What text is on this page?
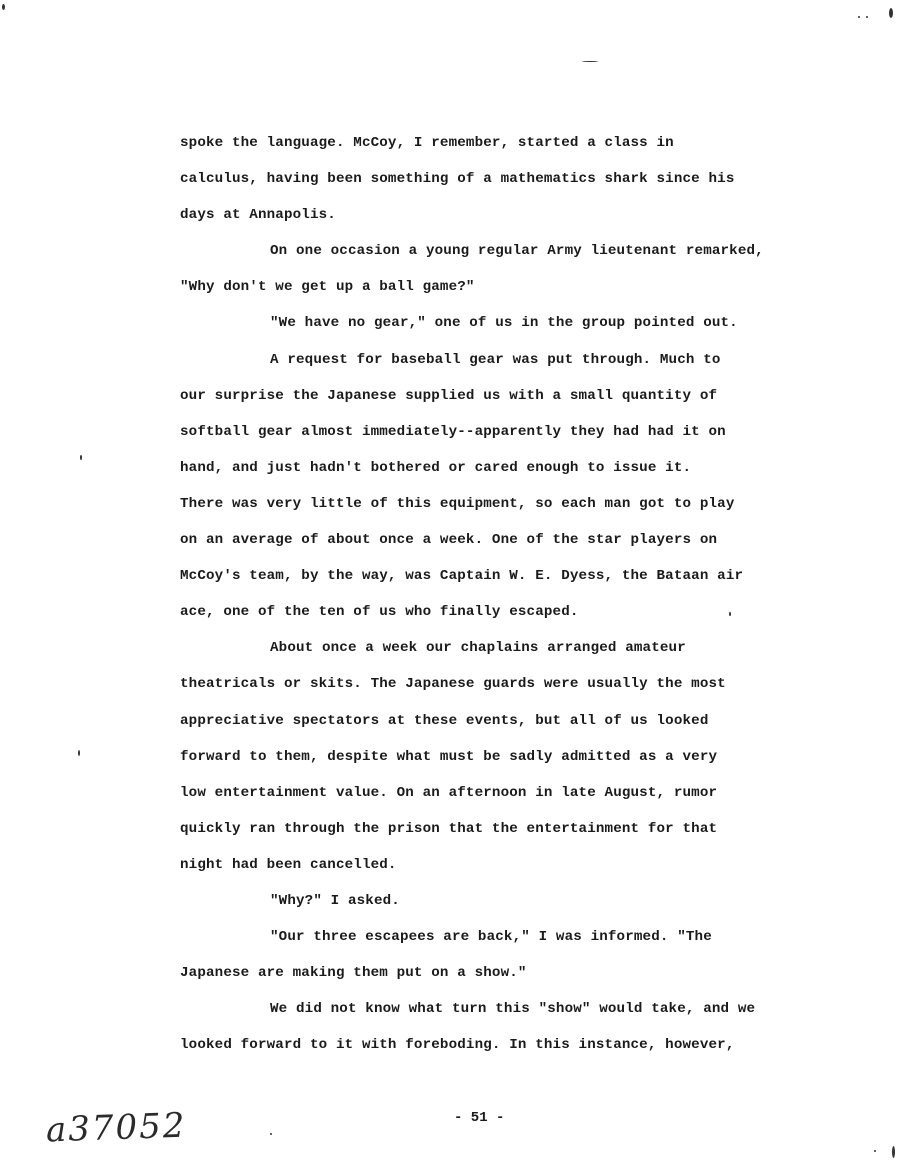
spoke the language. McCoy, I remember, started a class in
calculus, having been something of a mathematics shark since his
days at Annapolis.
On one occasion a young regular Army lieutenant remarked,
"Why don't we get up a ball game?"
"We have no gear," one of us in the group pointed out.
A request for baseball gear was put through. Much to
our surprise the Japanese supplied us with a small quantity of
softball gear almost immediately--apparently they had had it on
hand, and just hadn't bothered or cared enough to issue it.
There was very little of this equipment, so each man got to play
on an average of about once a week. One of the star players on
McCoy's team, by the way, was Captain W. E. Dyess, the Bataan air
ace, one of the ten of us who finally escaped.
About once a week our chaplains arranged amateur
theatricals or skits. The Japanese guards were usually the most
appreciative spectators at these events, but all of us looked
forward to them, despite what must be sadly admitted as a very
low entertainment value. On an afternoon in late August, rumor
quickly ran through the prison that the entertainment for that
night had been cancelled.
"Why?" I asked.
"Our three escapees are back," I was informed. "The
Japanese are making them put on a show."
We did not know what turn this "show" would take, and we
looked forward to it with foreboding. In this instance, however,
a37052	- 51 -
